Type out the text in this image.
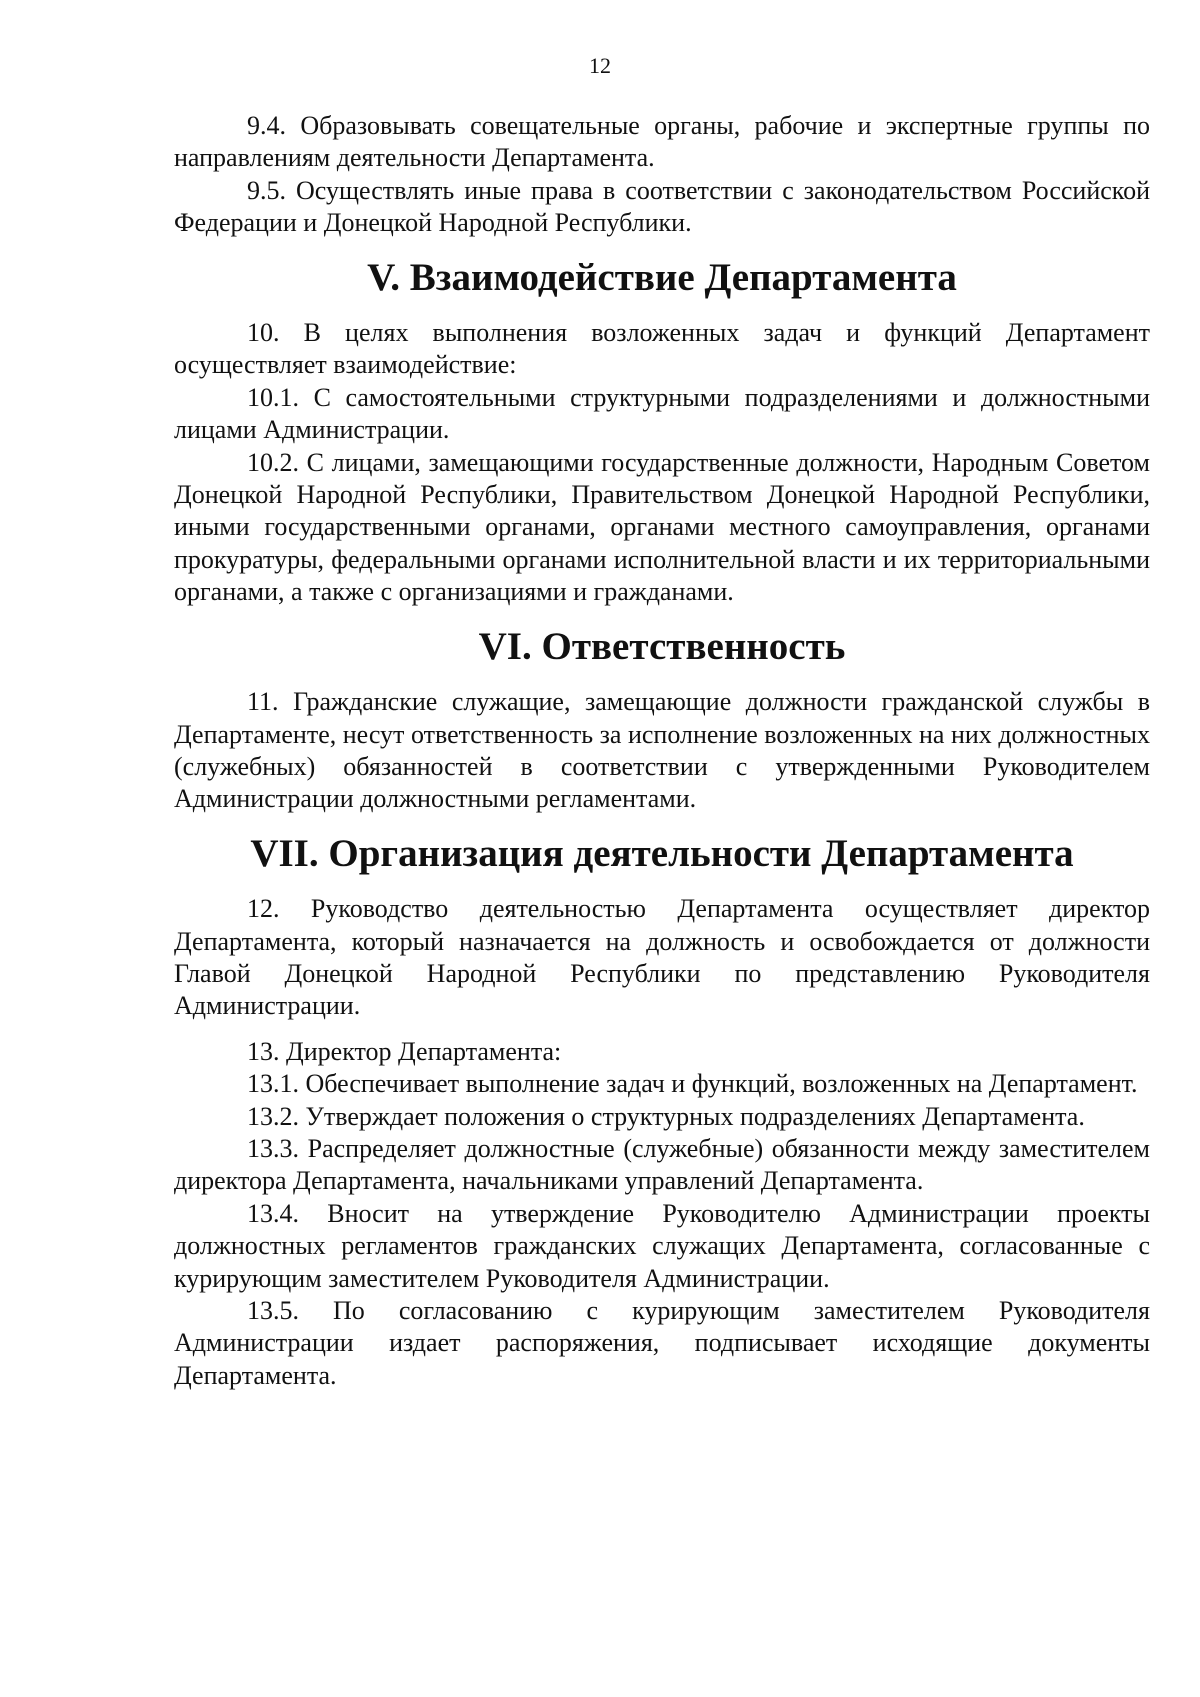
12

9.4. Образовывать совещательные органы, рабочие и экспертные группы по направлениям деятельности Департамента.

9.5. Осуществлять иные права в соответствии с законодательством Российской Федерации и Донецкой Народной Республики.

V. Взаимодействие Департамента

10. В целях выполнения возложенных задач и функций Департамент осуществляет взаимодействие:

10.1. С самостоятельными структурными подразделениями и должностными лицами Администрации.

10.2. С лицами, замещающими государственные должности, Народным Советом Донецкой Народной Республики, Правительством Донецкой Народной Республики, иными государственными органами, органами местного самоуправления, органами прокуратуры, федеральными органами исполнительной власти и их территориальными органами, а также с организациями и гражданами.

VI. Ответственность

11. Гражданские служащие, замещающие должности гражданской службы в Департаменте, несут ответственность за исполнение возложенных на них должностных (служебных) обязанностей в соответствии с утвержденными Руководителем Администрации должностными регламентами.

VII. Организация деятельности Департамента

12. Руководство деятельностью Департамента осуществляет директор Департамента, который назначается на должность и освобождается от должности Главой Донецкой Народной Республики по представлению Руководителя Администрации.

13. Директор Департамента:

13.1. Обеспечивает выполнение задач и функций, возложенных на Департамент.

13.2. Утверждает положения о структурных подразделениях Департамента.

13.3. Распределяет должностные (служебные) обязанности между заместителем директора Департамента, начальниками управлений Департамента.

13.4. Вносит на утверждение Руководителю Администрации проекты должностных регламентов гражданских служащих Департамента, согласованные с курирующим заместителем Руководителя Администрации.

13.5. По согласованию с курирующим заместителем Руководителя Администрации издает распоряжения, подписывает исходящие документы Департамента.
